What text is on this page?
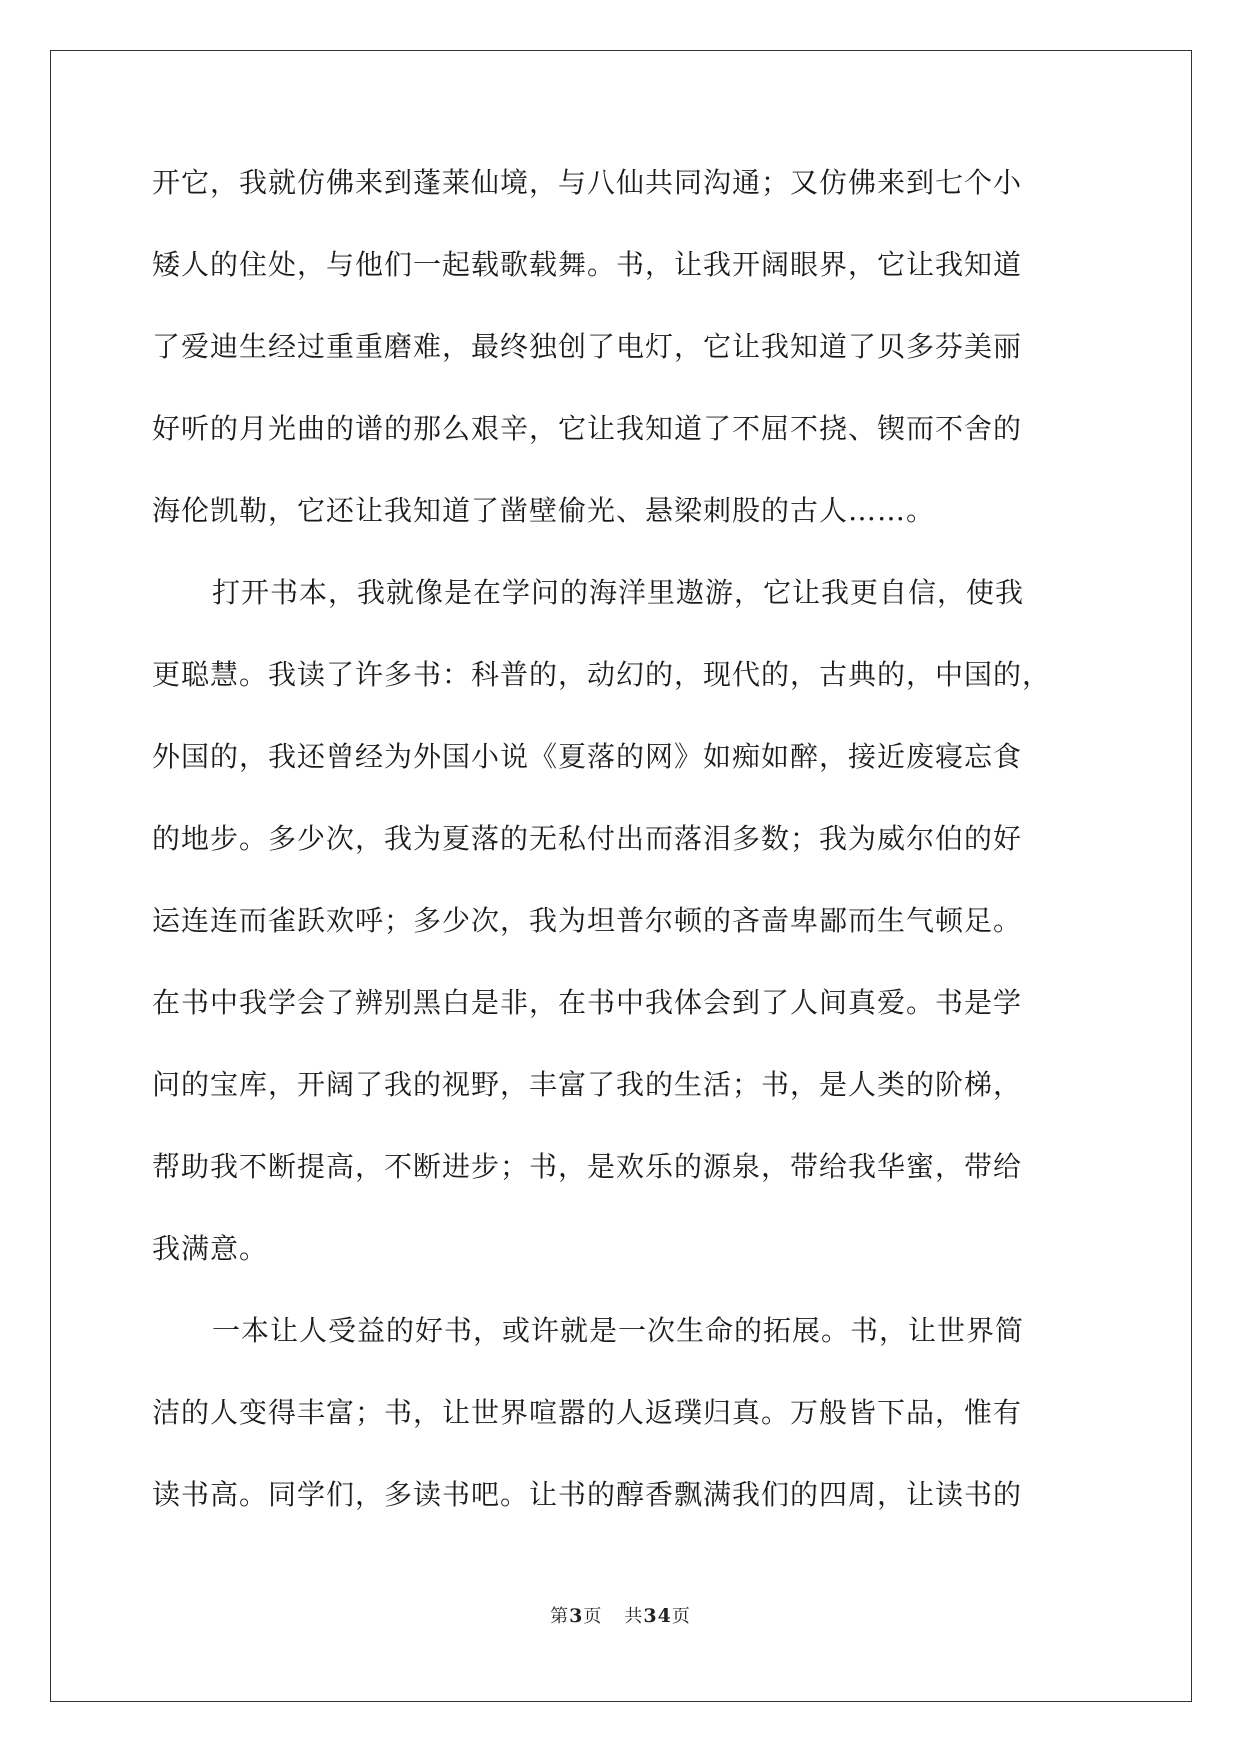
开它，我就仿佛来到蓬莱仙境，与八仙共同沟通；又仿佛来到七个小
矮人的住处，与他们一起载歌载舞。书，让我开阔眼界，它让我知道
了爱迪生经过重重磨难，最终独创了电灯，它让我知道了贝多芬美丽
好听的月光曲的谱的那么艰辛，它让我知道了不屈不挠、锲而不舍的
海伦凯勒，它还让我知道了凿壁偷光、悬梁刺股的古人……。
打开书本，我就像是在学问的海洋里遨游，它让我更自信，使我
更聪慧。我读了许多书：科普的，动幻的，现代的，古典的，中国的，
外国的，我还曾经为外国小说《夏落的网》如痴如醉，接近废寝忘食
的地步。多少次，我为夏落的无私付出而落泪多数；我为威尔伯的好
运连连而雀跃欢呼；多少次，我为坦普尔顿的吝啬卑鄙而生气顿足。
在书中我学会了辨别黑白是非，在书中我体会到了人间真爱。书是学
问的宝库，开阔了我的视野，丰富了我的生活；书，是人类的阶梯，
帮助我不断提高，不断进步；书，是欢乐的源泉，带给我华蜜，带给
我满意。
一本让人受益的好书，或许就是一次生命的拓展。书，让世界简
洁的人变得丰富；书，让世界喧嚣的人返璞归真。万般皆下品，惟有
读书高。同学们，多读书吧。让书的醇香飘满我们的四周，让读书的
第3页 共34页
